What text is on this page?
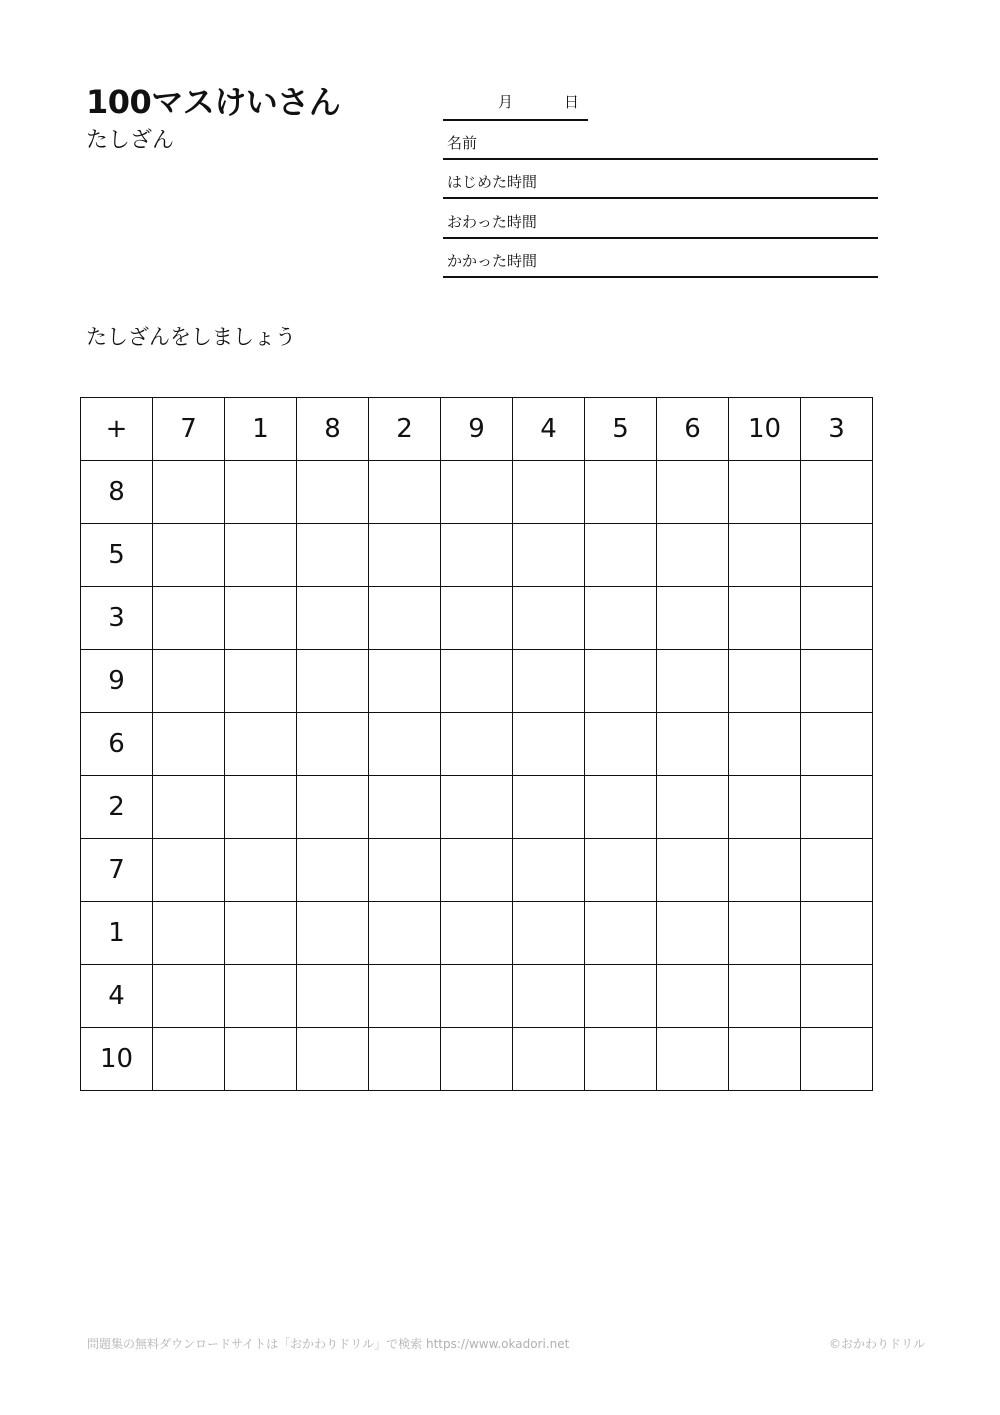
100マスけいさん
たしざん
月	日
名前
はじめた時間
おわった時間
かかった時間
たしざんをしましょう
+	7	1	8	2	9	4	5	6	10	3
8										
5										
3										
9										
6										
2										
7										
1										
4										
10										
問題集の無料ダウンロードサイトは「おかわりドリル」で検索 https://www.okadori.net	©おかわりドリル
